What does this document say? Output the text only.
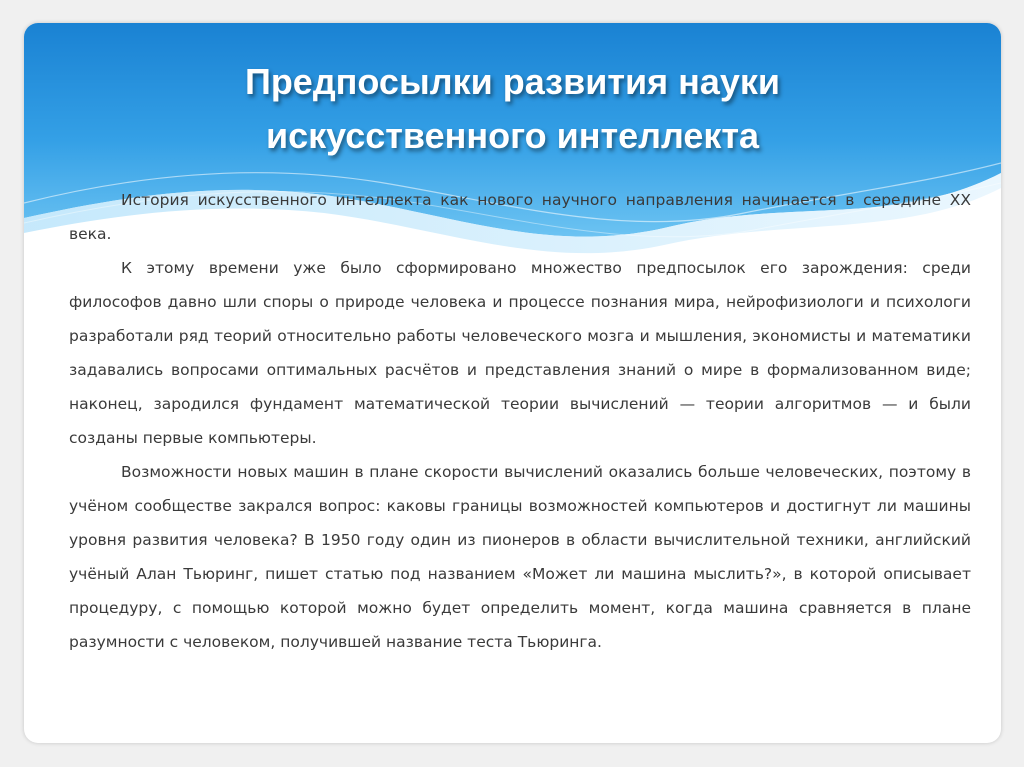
Предпосылки развития науки
искусственного интеллекта

История искусственного интеллекта как нового научного направления начинается в середине XX века.

К этому времени уже было сформировано множество предпосылок его зарождения: среди философов давно шли споры о природе человека и процессе познания мира, нейрофизиологи и психологи разработали ряд теорий относительно работы человеческого мозга и мышления, экономисты и математики задавались вопросами оптимальных расчётов и представления знаний о мире в формализованном виде; наконец, зародился фундамент математической теории вычислений — теории алгоритмов — и были созданы первые компьютеры.

Возможности новых машин в плане скорости вычислений оказались больше человеческих, поэтому в учёном сообществе закрался вопрос: каковы границы возможностей компьютеров и достигнут ли машины уровня развития человека? В 1950 году один из пионеров в области вычислительной техники, английский учёный Алан Тьюринг, пишет статью под названием «Может ли машина мыслить?», в которой описывает процедуру, с помощью которой можно будет определить момент, когда машина сравняется в плане разумности с человеком, получившей название теста Тьюринга.
